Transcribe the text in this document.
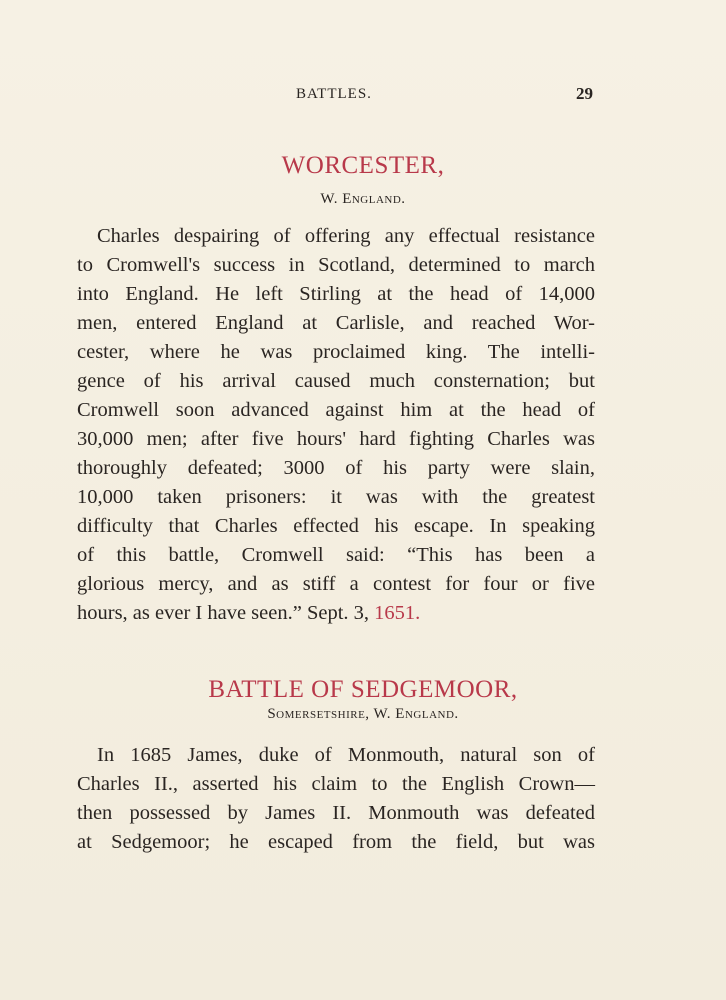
BATTLES.	29
WORCESTER,
W. England.
Charles despairing of offering any effectual resistance
to Cromwell's success in Scotland, determined to march
into England. He left Stirling at the head of 14,000
men, entered England at Carlisle, and reached Wor-
cester, where he was proclaimed king. The intelli-
gence of his arrival caused much consternation; but
Cromwell soon advanced against him at the head of
30,000 men; after five hours' hard fighting Charles was
thoroughly defeated; 3000 of his party were slain,
10,000 taken prisoners: it was with the greatest
difficulty that Charles effected his escape. In speaking
of this battle, Cromwell said: “This has been a
glorious mercy, and as stiff a contest for four or five
hours, as ever I have seen.” Sept. 3, 1651.
BATTLE OF SEDGEMOOR,
Somersetshire, W. England.
In 1685 James, duke of Monmouth, natural son of
Charles II., asserted his claim to the English Crown—
then possessed by James II. Monmouth was defeated
at Sedgemoor; he escaped from the field, but was
